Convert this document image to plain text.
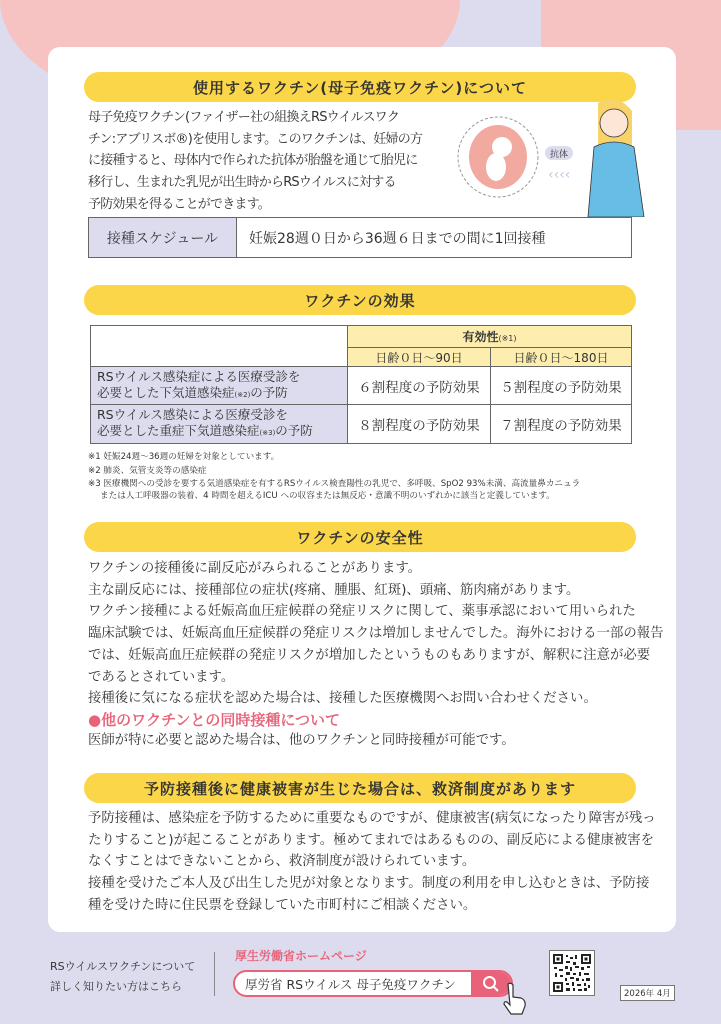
使用するワクチン(母子免疫ワクチン)について

母子免疫ワクチン(ファイザー社の組換えRSウイルスワク

チン:アブリスボ®)を使用します。このワクチンは、妊婦の方

に接種すると、母体内で作られた抗体が胎盤を通じて胎児に

移行し、生まれた乳児が出生時からRSウイルスに対する

予防効果を得ることができます。

抗体
‹‹‹‹
接種スケジュール	妊娠28週０日から36週６日までの間に1回接種
ワクチンの効果
	有効性(※1)	
	日齢０日～90日	日齢０日～180日
RSウイルス感染症による医療受診を
必要とした下気道感染症(※2)の予防	６割程度の予防効果	５割程度の予防効果
RSウイルス感染による医療受診を
必要とした重症下気道感染症(※3)の予防	８割程度の予防効果	７割程度の予防効果
※1 妊娠24週～36週の妊婦を対象としています。
※2 肺炎、気管支炎等の感染症
※3 医療機関への受診を要する気道感染症を有するRSウイルス検査陽性の乳児で、多呼吸、SpO2 93%未満、高流量鼻カニュラ
または人工呼吸器の装着、4 時間を超えるICU への収容または無反応・意識不明のいずれかに該当と定義しています。
ワクチンの安全性

ワクチンの接種後に副反応がみられることがあります。

主な副反応には、接種部位の症状(疼痛、腫脹、紅斑)、頭痛、筋肉痛があります。

ワクチン接種による妊娠高血圧症候群の発症リスクに関して、薬事承認において用いられた

臨床試験では、妊娠高血圧症候群の発症リスクは増加しませんでした。海外における一部の報告

では、妊娠高血圧症候群の発症リスクが増加したというものもありますが、解釈に注意が必要

であるとされています。

接種後に気になる症状を認めた場合は、接種した医療機関へお問い合わせください。

●他のワクチンとの同時接種について
医師が特に必要と認めた場合は、他のワクチンと同時接種が可能です。
予防接種後に健康被害が生じた場合は、救済制度があります

予防接種は、感染症を予防するために重要なものですが、健康被害(病気になったり障害が残っ

たりすること)が起こることがあります。極めてまれではあるものの、副反応による健康被害を

なくすことはできないことから、救済制度が設けられています。

接種を受けたご本人及び出生した児が対象となります。制度の利用を申し込むときは、予防接

種を受けた時に住民票を登録していた市町村にご相談ください。

RSウイルスワクチンについて

詳しく知りたい方はこちら

厚生労働省ホームページ
厚労省 RSウイルス 母子免疫ワクチン
2026年 4月
